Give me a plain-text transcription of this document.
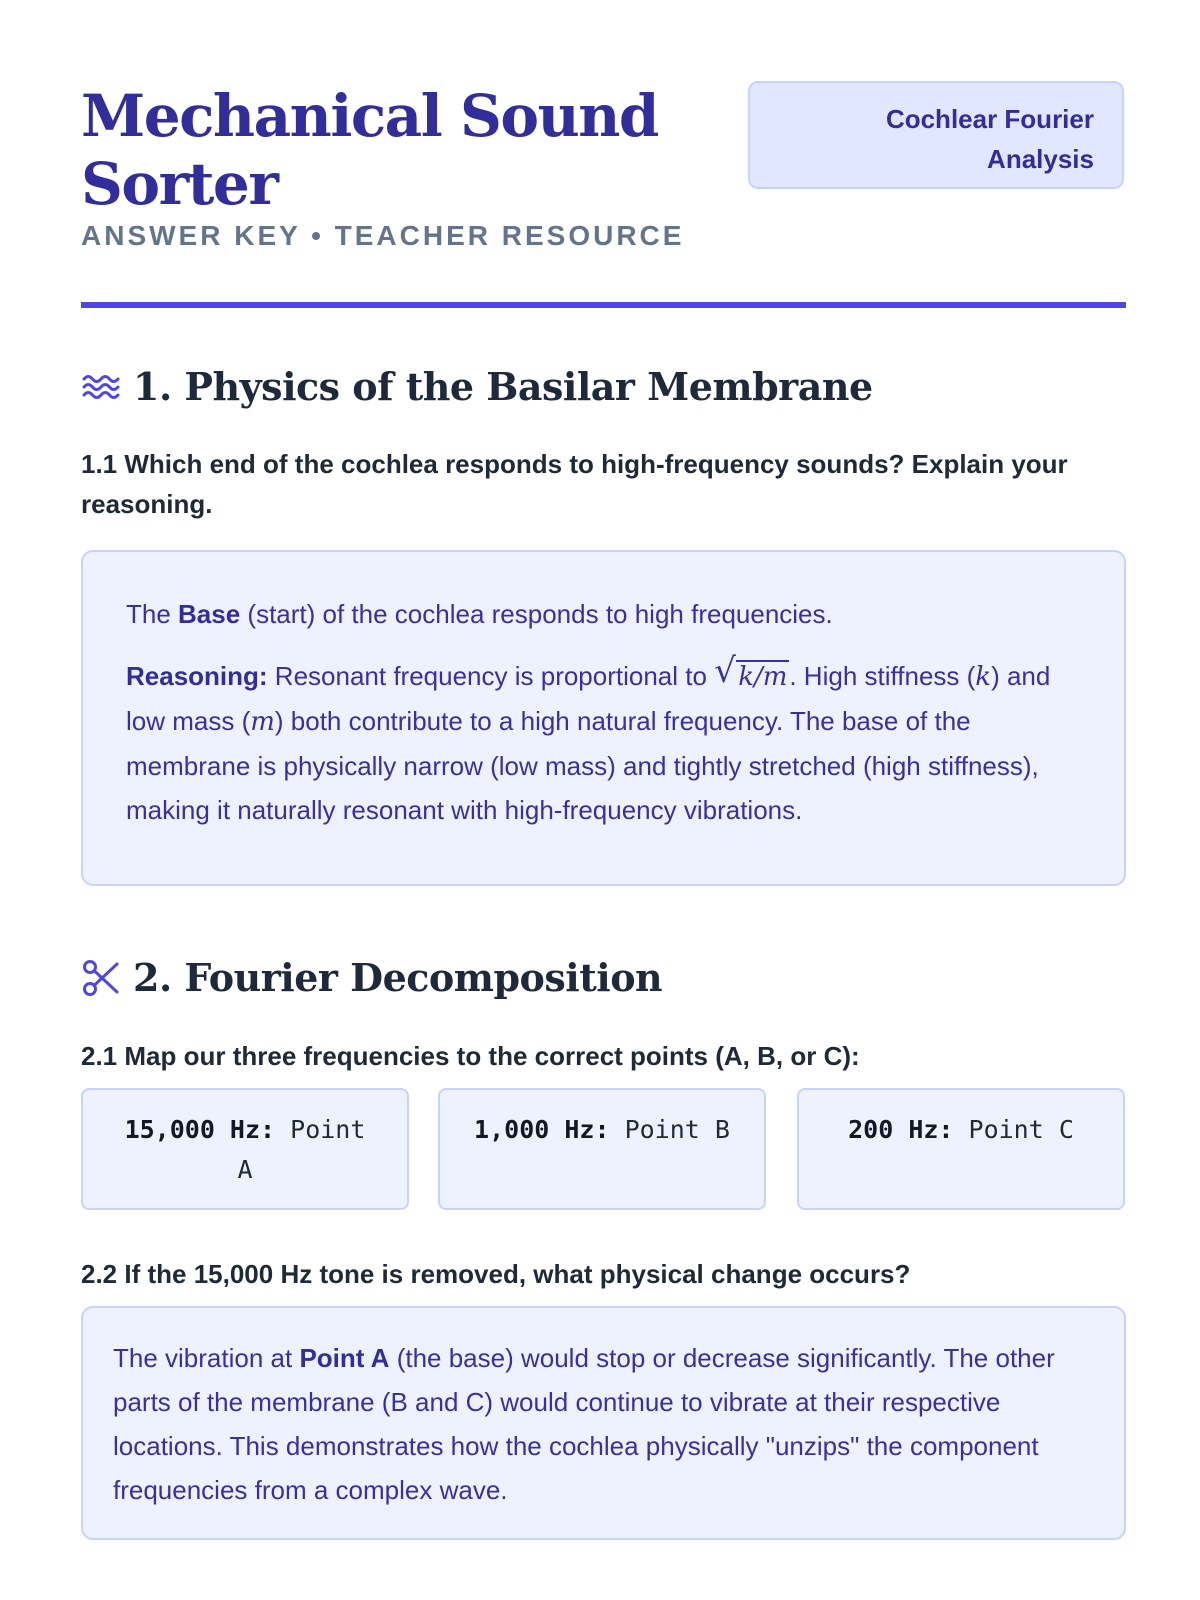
Mechanical Sound Sorter
ANSWER KEY • TEACHER RESOURCE
Cochlear Fourier
Analysis
1. Physics of the Basilar Membrane

1.1 Which end of the cochlea responds to high-frequency sounds? Explain your reasoning.

The Base (start) of the cochlea responds to high frequencies.

Reasoning: Resonant frequency is proportional to √ k/m. High stiffness (k) and low mass (m) both contribute to a high natural frequency. The base of the membrane is physically narrow (low mass) and tightly stretched (high stiffness), making it naturally resonant with high-frequency vibrations.

2. Fourier Decomposition

2.1 Map our three frequencies to the correct points (A, B, or C):

15,000 Hz: Point A
1,000 Hz: Point B	200 Hz: Point C

2.2 If the 15,000 Hz tone is removed, what physical change occurs?

The vibration at Point A (the base) would stop or decrease significantly. The other parts of the membrane (B and C) would continue to vibrate at their respective locations. This demonstrates how the cochlea physically "unzips" the component frequencies from a complex wave.
